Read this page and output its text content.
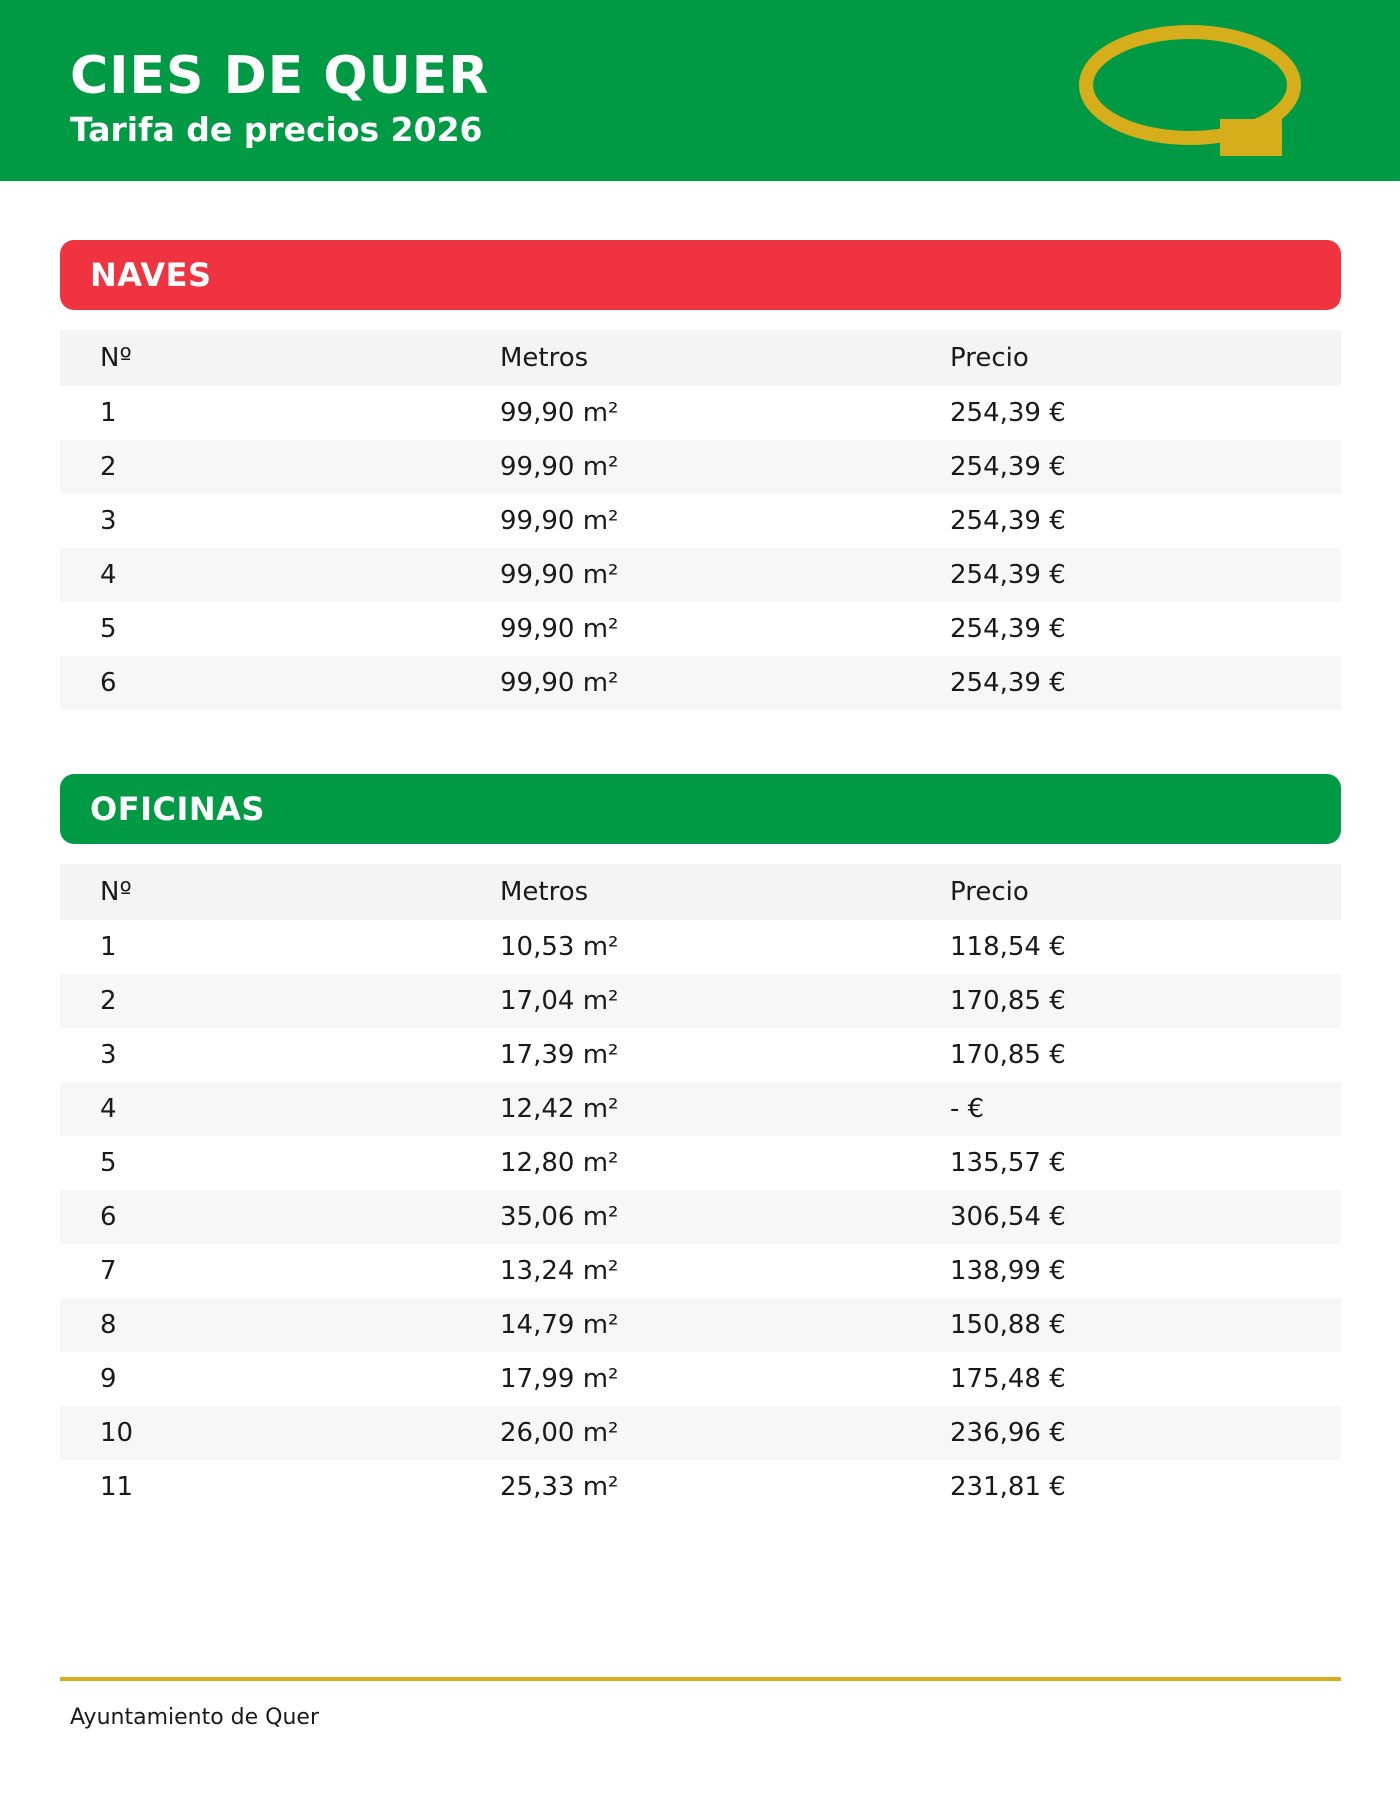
CIES DE QUER
Tarifa de precios 2026
NAVES
Nº	Metros	Precio
1	99,90 m²	254,39 €
2	99,90 m²	254,39 €
3	99,90 m²	254,39 €
4	99,90 m²	254,39 €
5	99,90 m²	254,39 €
6	99,90 m²	254,39 €
OFICINAS
Nº	Metros	Precio
1	10,53 m²	118,54 €
2	17,04 m²	170,85 €
3	17,39 m²	170,85 €
4	12,42 m²	- €
5	12,80 m²	135,57 €
6	35,06 m²	306,54 €
7	13,24 m²	138,99 €
8	14,79 m²	150,88 €
9	17,99 m²	175,48 €
10	26,00 m²	236,96 €
11	25,33 m²	231,81 €
Ayuntamiento de Quer
